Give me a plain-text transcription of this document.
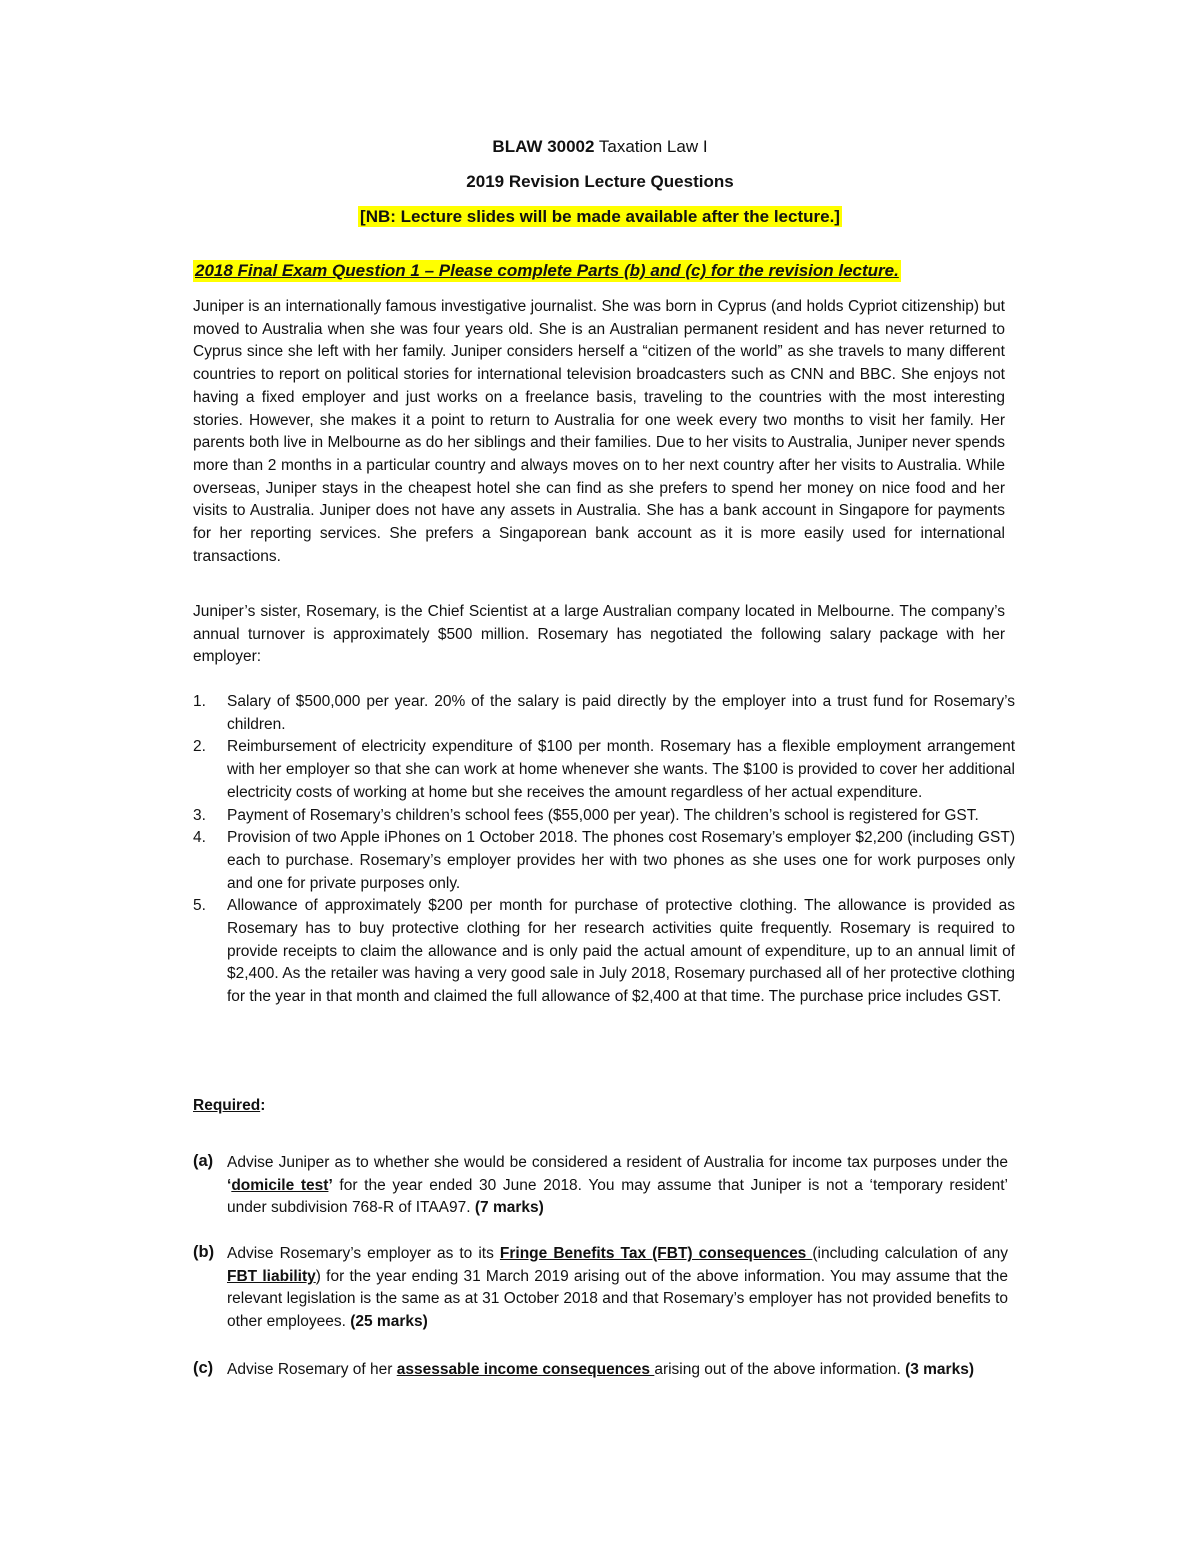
BLAW 30002 Taxation Law I
2019 Revision Lecture Questions
[NB: Lecture slides will be made available after the lecture.]
2018 Final Exam Question 1 – Please complete Parts (b) and (c) for the revision lecture.

Juniper is an internationally famous investigative journalist. She was born in Cyprus (and holds Cypriot citizenship) but moved to Australia when she was four years old. She is an Australian permanent resident and has never returned to Cyprus since she left with her family. Juniper considers herself a “citizen of the world” as she travels to many different countries to report on political stories for international television broadcasters such as CNN and BBC. She enjoys not having a fixed employer and just works on a freelance basis, traveling to the countries with the most interesting stories. However, she makes it a point to return to Australia for one week every two months to visit her family. Her parents both live in Melbourne as do her siblings and their families. Due to her visits to Australia, Juniper never spends more than 2 months in a particular country and always moves on to her next country after her visits to Australia. While overseas, Juniper stays in the cheapest hotel she can find as she prefers to spend her money on nice food and her visits to Australia. Juniper does not have any assets in Australia. She has a bank account in Singapore for payments for her reporting services. She prefers a Singaporean bank account as it is more easily used for international transactions.

Juniper’s sister, Rosemary, is the Chief Scientist at a large Australian company located in Melbourne. The company’s annual turnover is approximately $500 million. Rosemary has negotiated the following salary package with her employer:

1. Salary of $500,000 per year. 20% of the salary is paid directly by the employer into a trust fund for Rosemary’s children.
2. Reimbursement of electricity expenditure of $100 per month. Rosemary has a flexible employment arrangement with her employer so that she can work at home whenever she wants. The $100 is provided to cover her additional electricity costs of working at home but she receives the amount regardless of her actual expenditure.
3. Payment of Rosemary’s children’s school fees ($55,000 per year). The children’s school is registered for GST.
4. Provision of two Apple iPhones on 1 October 2018. The phones cost Rosemary’s employer $2,200 (including GST) each to purchase. Rosemary’s employer provides her with two phones as she uses one for work purposes only and one for private purposes only.
5. Allowance of approximately $200 per month for purchase of protective clothing. The allowance is provided as Rosemary has to buy protective clothing for her research activities quite frequently. Rosemary is required to provide receipts to claim the allowance and is only paid the actual amount of expenditure, up to an annual limit of $2,400. As the retailer was having a very good sale in July 2018, Rosemary purchased all of her protective clothing for the year in that month and claimed the full allowance of $2,400 at that time. The purchase price includes GST.
Required:
(a) Advise Juniper as to whether she would be considered a resident of Australia for income tax purposes under the ‘domicile test’ for the year ended 30 June 2018. You may assume that Juniper is not a ‘temporary resident’ under subdivision 768-R of ITAA97. (7 marks)
(b) Advise Rosemary’s employer as to its Fringe Benefits Tax (FBT) consequences (including calculation of any FBT liability) for the year ending 31 March 2019 arising out of the above information. You may assume that the relevant legislation is the same as at 31 October 2018 and that Rosemary’s employer has not provided benefits to other employees. (25 marks)
(c) Advise Rosemary of her assessable income consequences arising out of the above information. (3 marks)
